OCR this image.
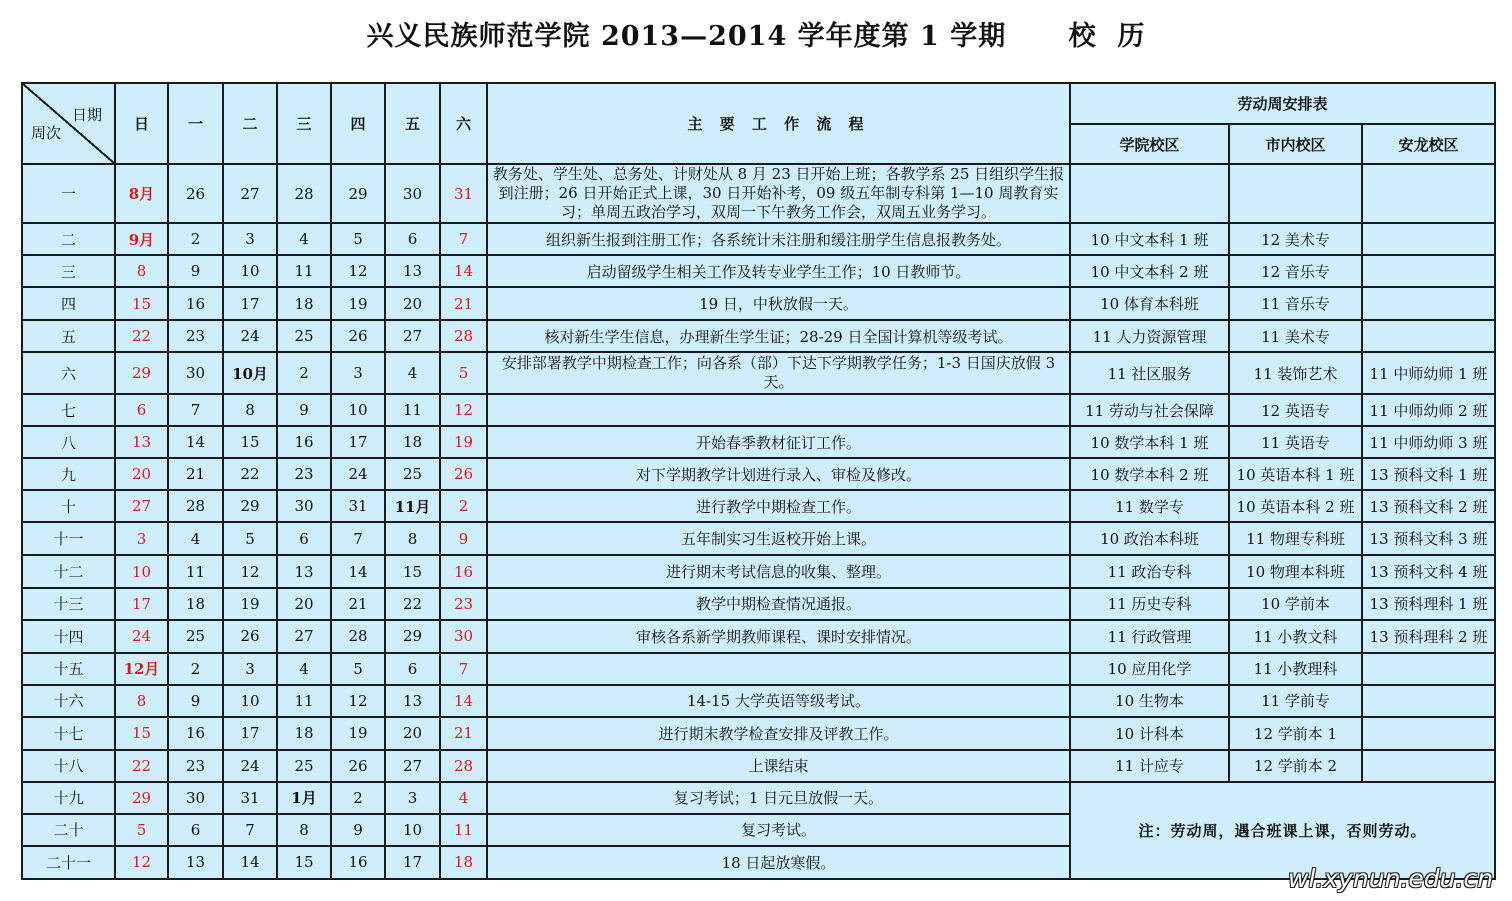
兴义民族师范学院 2013—2014 学年度第 1 学期      校  历
日期
周次	日	一	二	三	四	五	六	主 要 工 作 流 程	劳动周安排表		
									学院校区	市内校区	安龙校区
一	8月	26	27	28	29	30	31	教务处、学生处、总务处、计财处从 8 月 23 日开始上班；各教学系 25 日组织学生报到注册；26 日开始正式上课，30 日开始补考，09 级五年制专科第 1—10 周教育实习；单周五政治学习，双周一下午教务工作会，双周五业务学习。			
二	9月	2	3	4	5	6	7	组织新生报到注册工作；各系统计未注册和缓注册学生信息报教务处。	10 中文本科 1 班	12 美术专	
三	8	9	10	11	12	13	14	启动留级学生相关工作及转专业学生工作；10 日教师节。	10 中文本科 2 班	12 音乐专	
四	15	16	17	18	19	20	21	19 日，中秋放假一天。	10 体育本科班	11 音乐专	
五	22	23	24	25	26	27	28	核对新生学生信息，办理新生学生证；28-29 日全国计算机等级考试。	11 人力资源管理	11 美术专	
六	29	30	10月	2	3	4	5	安排部署教学中期检查工作；向各系（部）下达下学期教学任务；1-3 日国庆放假 3 天。	11 社区服务	11 装饰艺术	11 中师幼师 1 班
七	6	7	8	9	10	11	12		11 劳动与社会保障	12 英语专	11 中师幼师 2 班
八	13	14	15	16	17	18	19	开始春季教材征订工作。	10 数学本科 1 班	11 英语专	11 中师幼师 3 班
九	20	21	22	23	24	25	26	对下学期教学计划进行录入、审检及修改。	10 数学本科 2 班	10 英语本科 1 班	13 预科文科 1 班
十	27	28	29	30	31	11月	2	进行教学中期检查工作。	11 数学专	10 英语本科 2 班	13 预科文科 2 班
十一	3	4	5	6	7	8	9	五年制实习生返校开始上课。	10 政治本科班	11 物理专科班	13 预科文科 3 班
十二	10	11	12	13	14	15	16	进行期末考试信息的收集、整理。	11 政治专科	10 物理本科班	13 预科文科 4 班
十三	17	18	19	20	21	22	23	教学中期检查情况通报。	11 历史专科	10 学前本	13 预科理科 1 班
十四	24	25	26	27	28	29	30	审核各系新学期教师课程、课时安排情况。	11 行政管理	11 小教文科	13 预科理科 2 班
十五	12月	2	3	4	5	6	7		10 应用化学	11 小教理科	
十六	8	9	10	11	12	13	14	14-15 大学英语等级考试。	10 生物本	11 学前专	
十七	15	16	17	18	19	20	21	进行期末教学检查安排及评教工作。	10 计科本	12 学前本 1	
十八	22	23	24	25	26	27	28	上课结束	11 计应专	12 学前本 2	
十九	29	30	31	1月	2	3	4	复习考试；1 日元旦放假一天。	注：劳动周，遇合班课上课，否则劳动。		
二十	5	6	7	8	9	10	11	复习考试。			
二十一	12	13	14	15	16	17	18	18 日起放寒假。			
wl.xynun.edu.cn
